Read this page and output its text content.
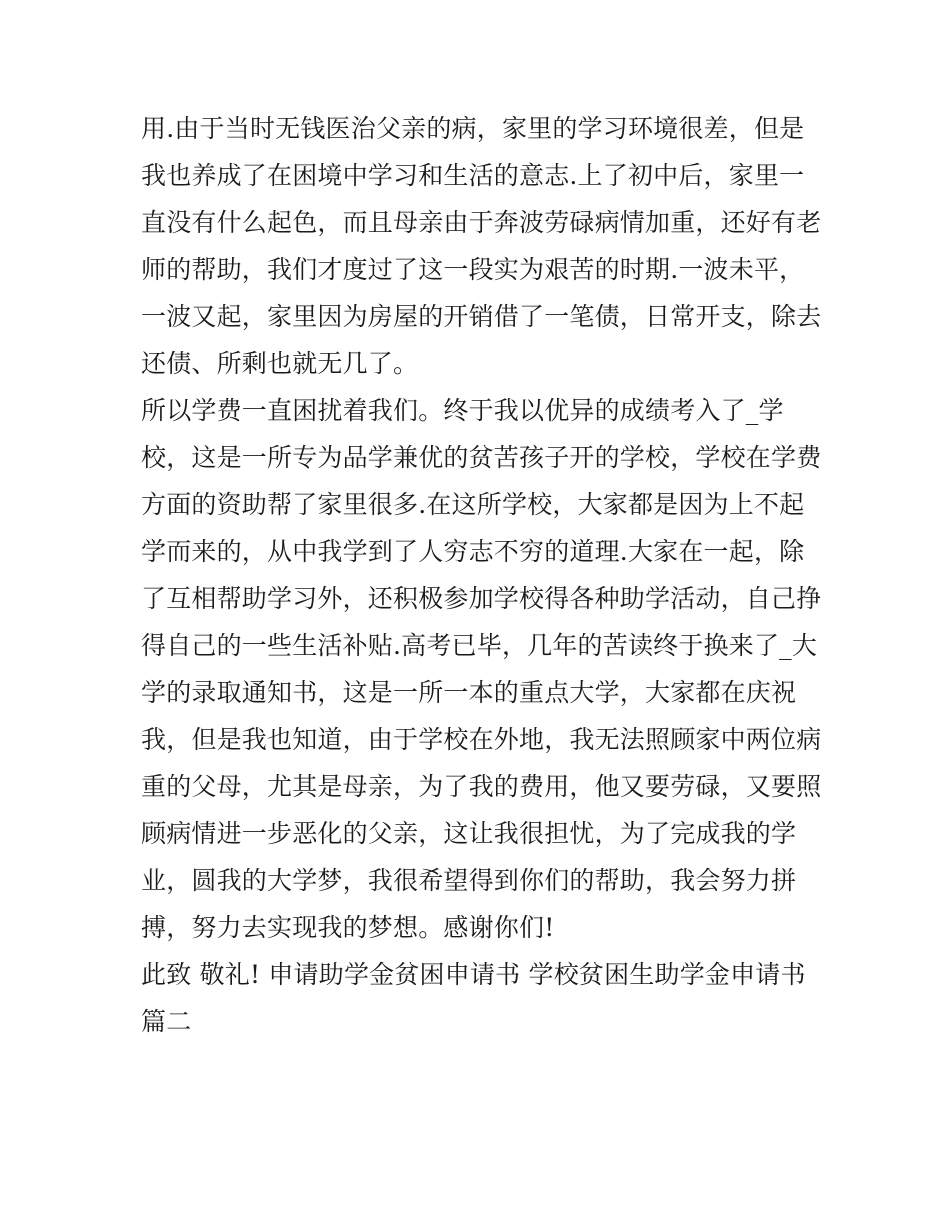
用.由于当时无钱医治父亲的病，家里的学习环境很差，但是
我也养成了在困境中学习和生活的意志.上了初中后，家里一
直没有什么起色，而且母亲由于奔波劳碌病情加重，还好有老
师的帮助，我们才度过了这一段实为艰苦的时期.一波未平，
一波又起，家里因为房屋的开销借了一笔债，日常开支，除去
还债、所剩也就无几了。
所以学费一直困扰着我们。终于我以优异的成绩考入了_学
校，这是一所专为品学兼优的贫苦孩子开的学校，学校在学费
方面的资助帮了家里很多.在这所学校，大家都是因为上不起
学而来的，从中我学到了人穷志不穷的道理.大家在一起，除
了互相帮助学习外，还积极参加学校得各种助学活动，自己挣
得自己的一些生活补贴.高考已毕，几年的苦读终于换来了_大
学的录取通知书，这是一所一本的重点大学，大家都在庆祝
我，但是我也知道，由于学校在外地，我无法照顾家中两位病
重的父母，尤其是母亲，为了我的费用，他又要劳碌，又要照
顾病情进一步恶化的父亲，这让我很担忧，为了完成我的学
业，圆我的大学梦，我很希望得到你们的帮助，我会努力拼
搏，努力去实现我的梦想。感谢你们!
此致 敬礼! 申请助学金贫困申请书 学校贫困生助学金申请书
篇二
